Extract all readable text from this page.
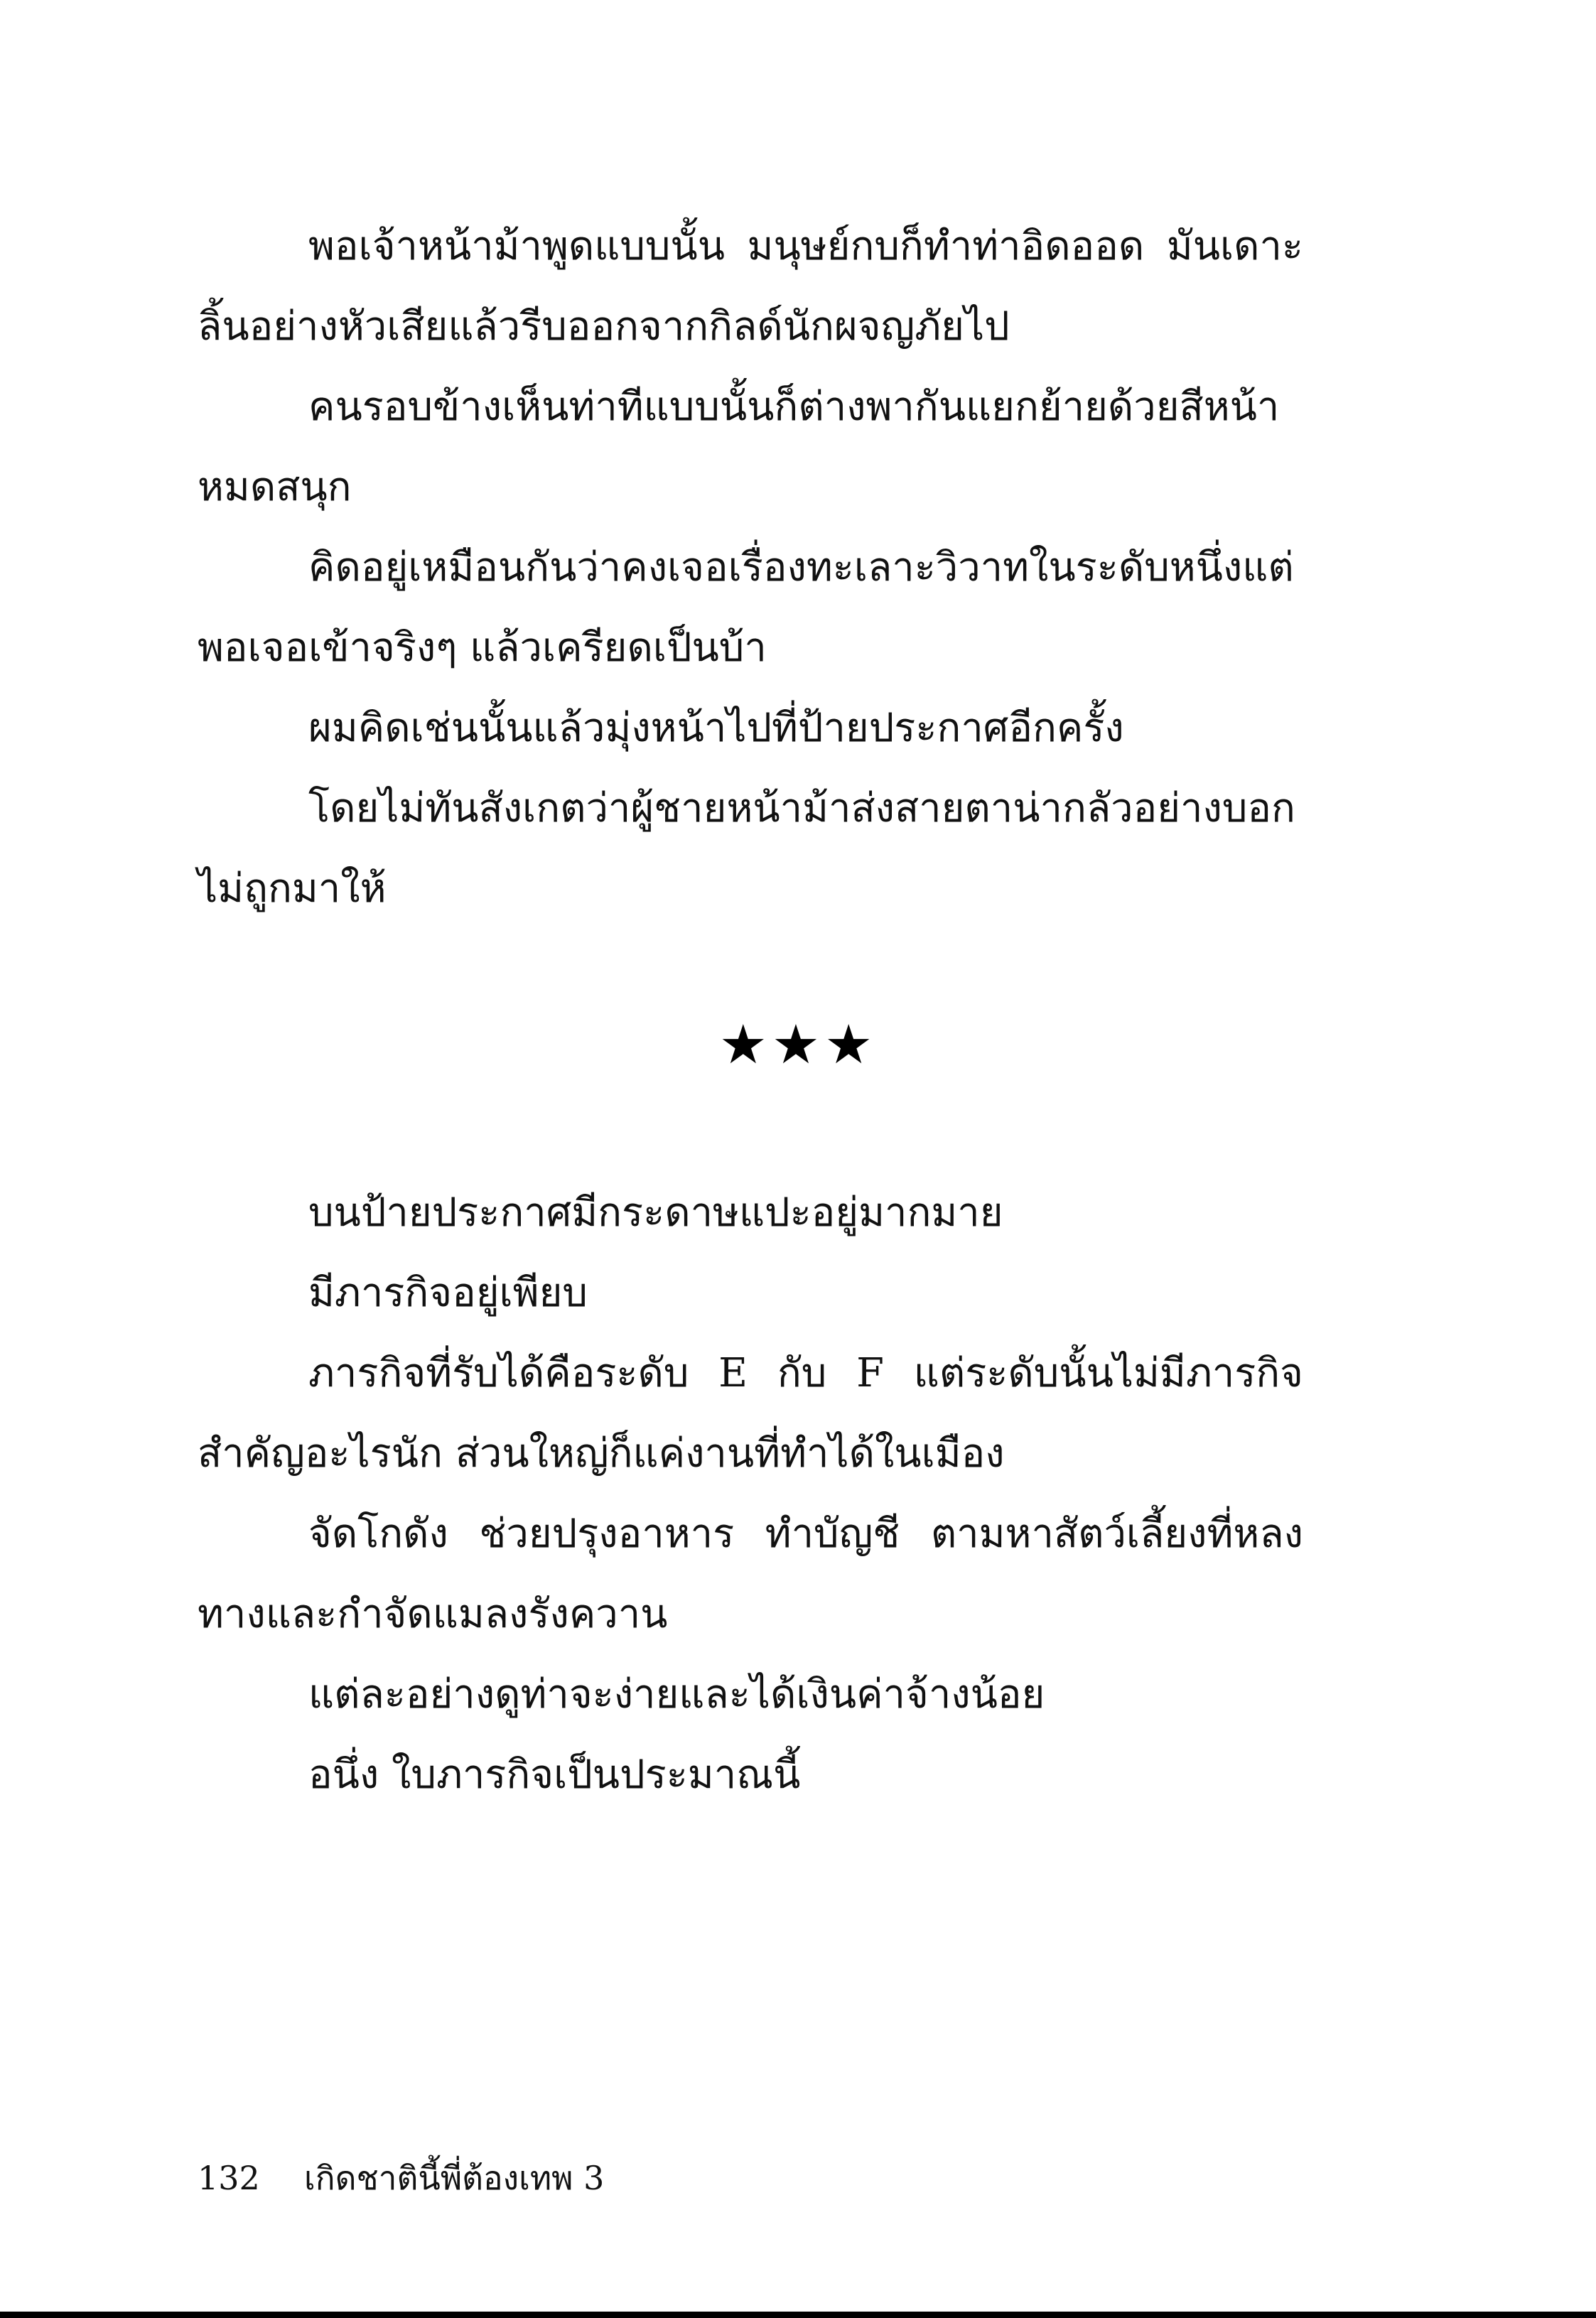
พอเจ้าหน้าม้าพูดแบบนั้น มนุษย์กบก็ทำท่าอิดออด มันเดาะลิ้นอย่างหัวเสียแล้วรีบออกจากกิลด์นักผจญภัยไป

คนรอบข้างเห็นท่าทีแบบนั้นก็ต่างพากันแยกย้ายด้วยสีหน้าหมดสนุก

คิดอยู่เหมือนกันว่าคงเจอเรื่องทะเลาะวิวาทในระดับหนึ่งแต่พอเจอเข้าจริงๆ แล้วเครียดเป็นบ้า

ผมคิดเช่นนั้นแล้วมุ่งหน้าไปที่ป้ายประกาศอีกครั้ง

โดยไม่ทันสังเกตว่าผู้ชายหน้าม้าส่งสายตาน่ากลัวอย่างบอกไม่ถูกมาให้

★★★

บนป้ายประกาศมีกระดาษแปะอยู่มากมาย

มีภารกิจอยู่เพียบ

ภารกิจที่รับได้คือระดับ E กับ F แต่ระดับนั้นไม่มีภารกิจสำคัญอะไรนัก ส่วนใหญ่ก็แค่งานที่ทำได้ในเมือง

จัดโกดัง ช่วยปรุงอาหาร ทำบัญชี ตามหาสัตว์เลี้ยงที่หลงทางและกำจัดแมลงรังควาน

แต่ละอย่างดูท่าจะง่ายและได้เงินค่าจ้างน้อย

อนึ่ง ใบภารกิจเป็นประมาณนี้

132 เกิดชาตินี้พี่ต้องเทพ 3
